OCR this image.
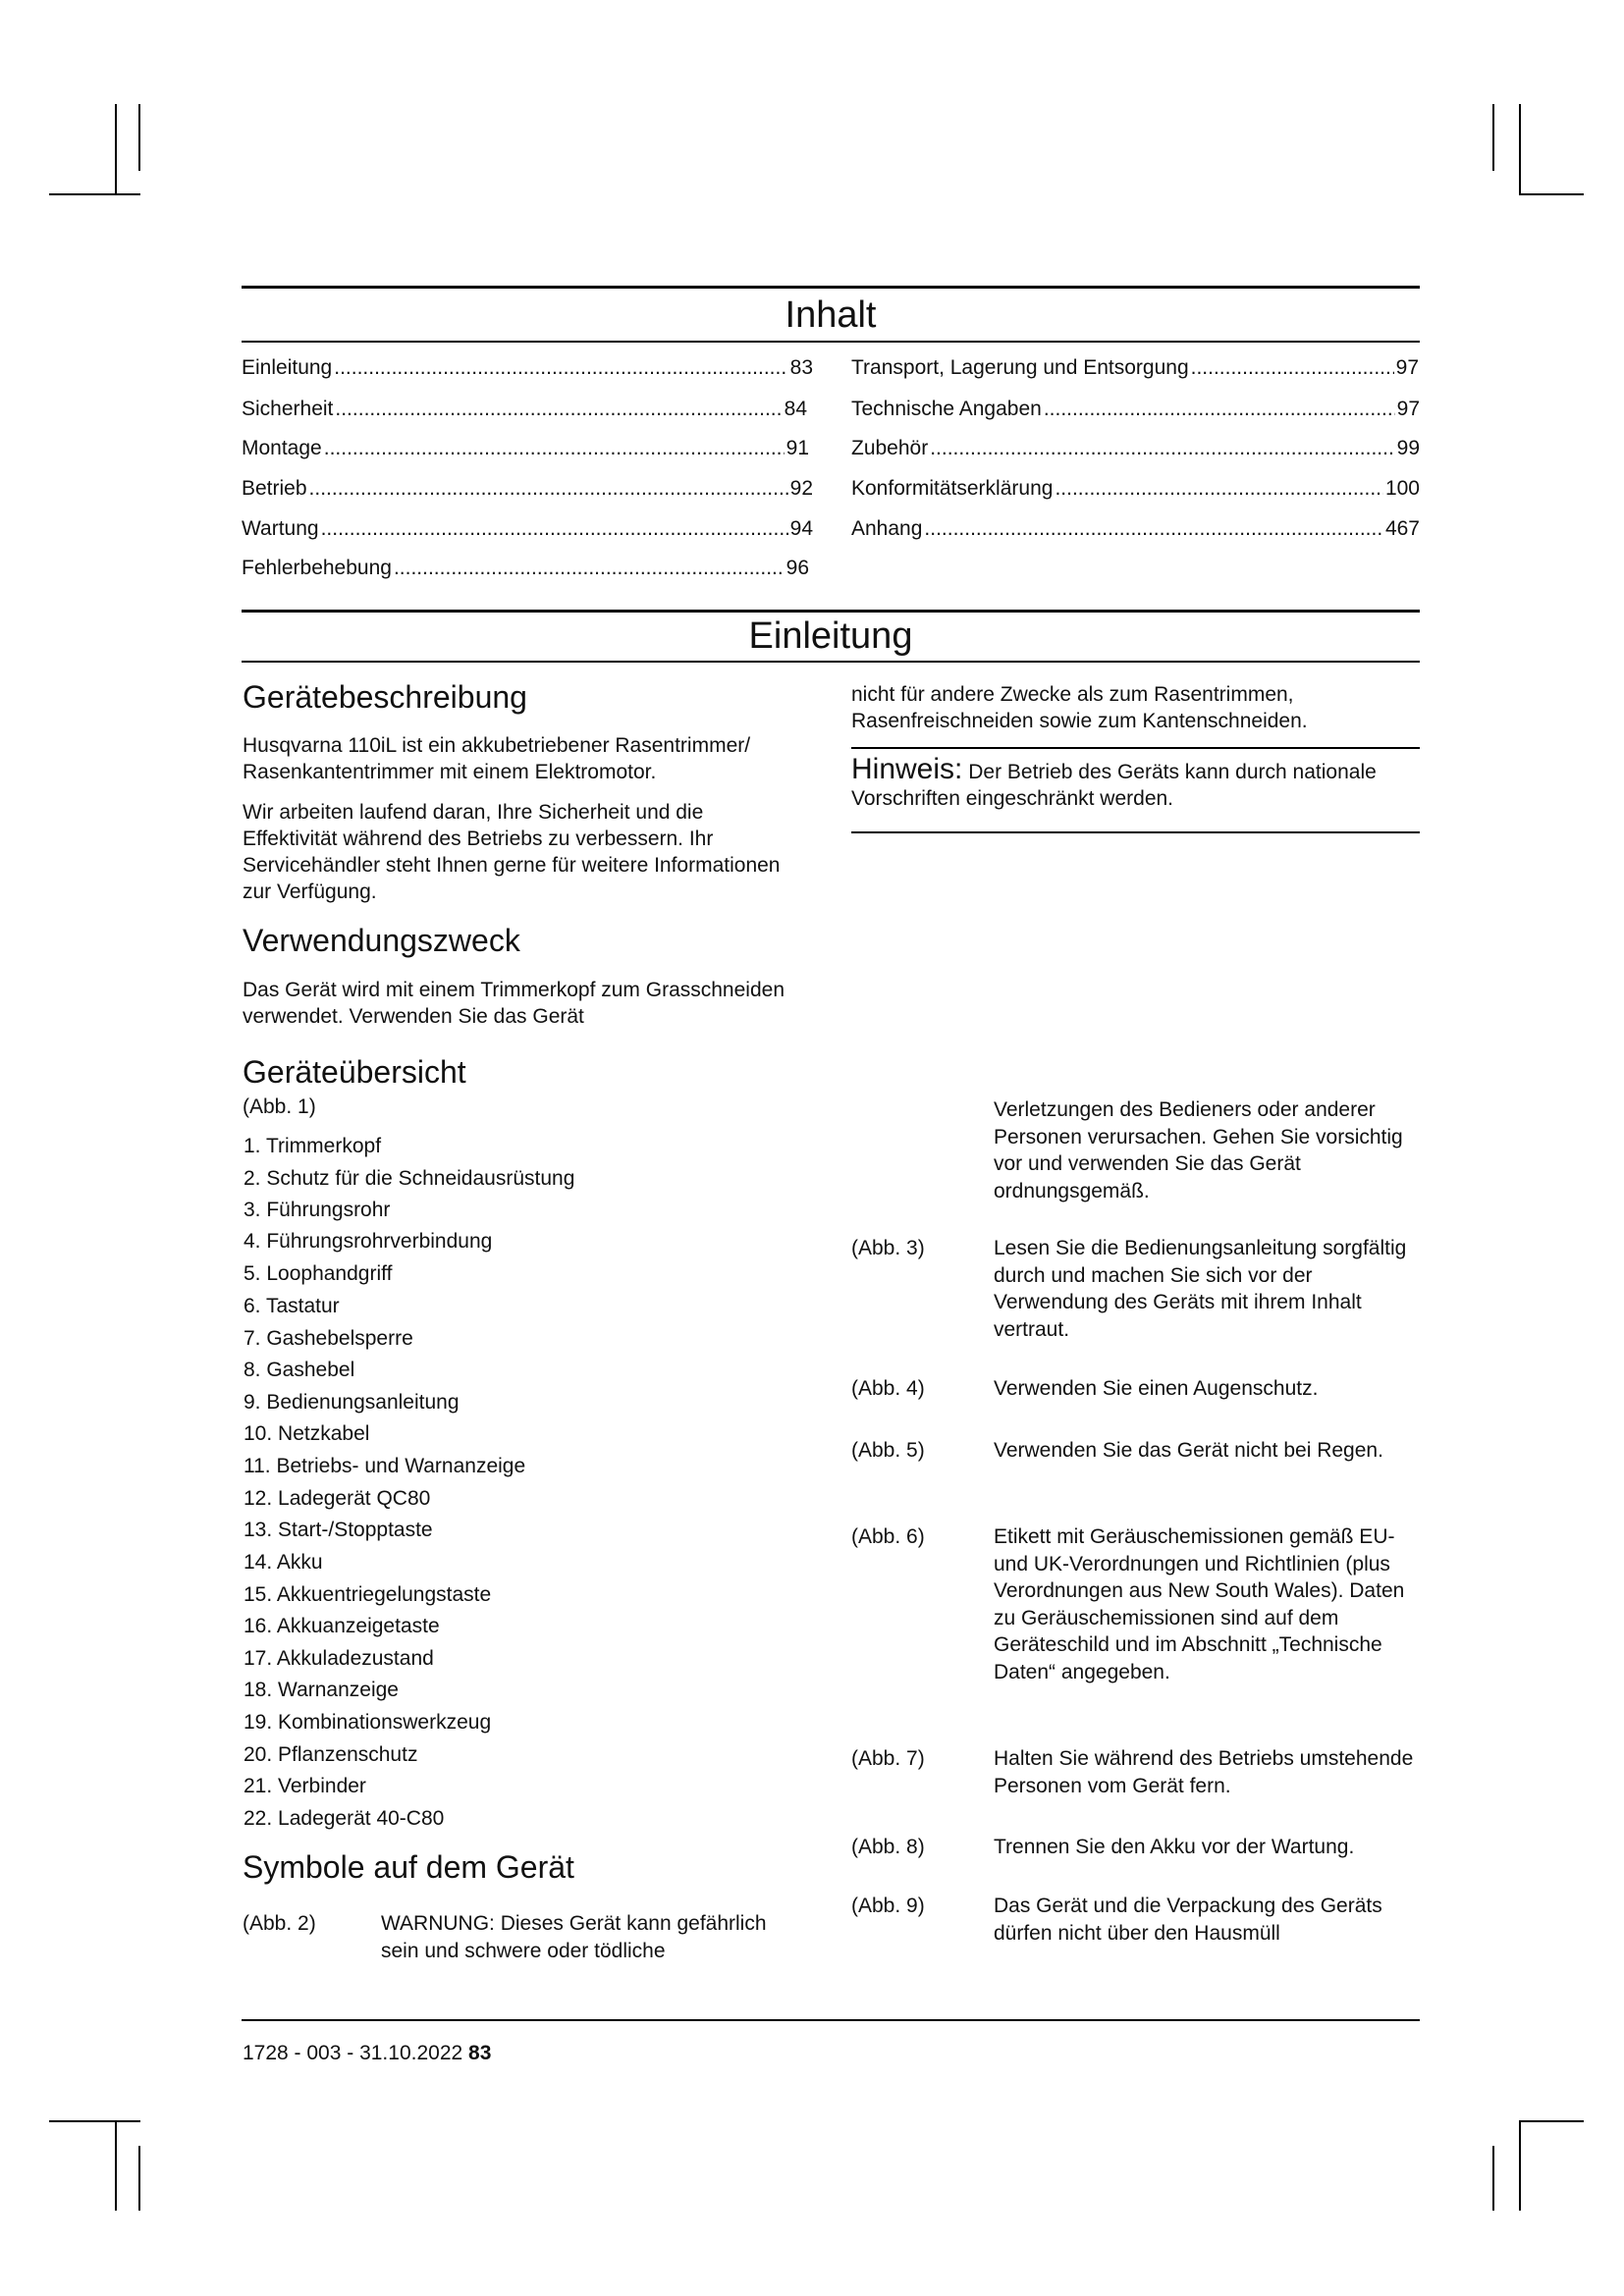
Inhalt
Einleitung .....	83
Sicherheit .....	84
Montage .....	91
Betrieb .....	92
Wartung .....	94
Fehlerbehebung .....	96
Transport, Lagerung und Entsorgung .....	97
Technische Angaben .....	97
Zubehör .....	99
Konformitätserklärung .....	100
Anhang .....	467
Einleitung
Gerätebeschreibung
Husqvarna 110iL ist ein akkubetriebener Rasentrimmer/ Rasenkantentrimmer mit einem Elektromotor.
Wir arbeiten laufend daran, Ihre Sicherheit und die Effektivität während des Betriebs zu verbessern. Ihr Servicehändler steht Ihnen gerne für weitere Informationen zur Verfügung.
Verwendungszweck
Das Gerät wird mit einem Trimmerkopf zum Grasschneiden verwendet. Verwenden Sie das Gerät
nicht für andere Zwecke als zum Rasentrimmen, Rasenfreischneiden sowie zum Kantenschneiden.
Hinweis: Der Betrieb des Geräts kann durch nationale Vorschriften eingeschränkt werden.
Geräteübersicht
(Abb. 1)
1. Trimmerkopf
2. Schutz für die Schneidausrüstung
3. Führungsrohr
4. Führungsrohrverbindung
5. Loophandgriff
6. Tastatur
7. Gashebelsperre
8. Gashebel
9. Bedienungsanleitung
10. Netzkabel
11. Betriebs- und Warnanzeige
12. Ladegerät QC80
13. Start-/Stopptaste
14. Akku
15. Akkuentriegelungstaste
16. Akkuanzeigetaste
17. Akkuladezustand
18. Warnanzeige
19. Kombinationswerkzeug
20. Pflanzenschutz
21. Verbinder
22. Ladegerät 40-C80
Symbole auf dem Gerät
(Abb. 2)	WARNUNG: Dieses Gerät kann gefährlich sein und schwere oder tödliche
Verletzungen des Bedieners oder anderer Personen verursachen. Gehen Sie vorsichtig vor und verwenden Sie das Gerät ordnungsgemäß.
(Abb. 3)	Lesen Sie die Bedienungsanleitung sorgfältig durch und machen Sie sich vor der Verwendung des Geräts mit ihrem Inhalt vertraut.
(Abb. 4)	Verwenden Sie einen Augenschutz.
(Abb. 5)	Verwenden Sie das Gerät nicht bei Regen.
(Abb. 6)	Etikett mit Geräuschemissionen gemäß EU- und UK-Verordnungen und Richtlinien (plus Verordnungen aus New South Wales). Daten zu Geräuschemissionen sind auf dem Geräteschild und im Abschnitt „Technische Daten“ angegeben.
(Abb. 7)	Halten Sie während des Betriebs umstehende Personen vom Gerät fern.
(Abb. 8)	Trennen Sie den Akku vor der Wartung.
(Abb. 9)	Das Gerät und die Verpackung des Geräts dürfen nicht über den Hausmüll
1728 - 003 - 31.10.2022 83
